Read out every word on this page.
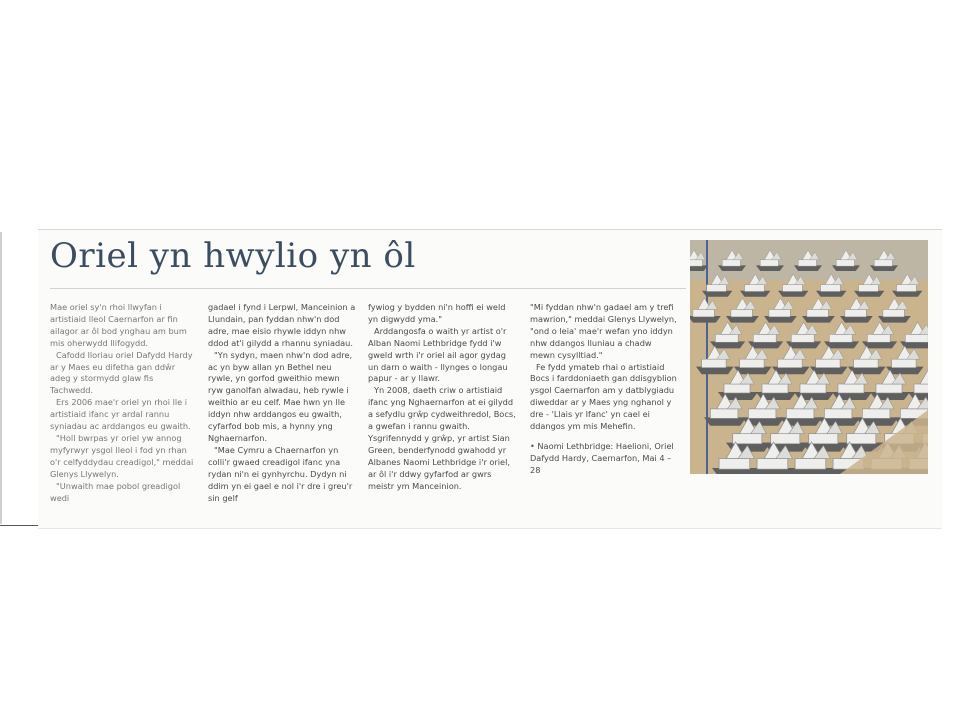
Oriel yn hwylio yn ôl

Mae oriel sy'n rhoi llwyfan i artistiaid lleol Caernarfon ar fin ailagor ar ôl bod ynghau am bum mis oherwydd llifogydd.

Cafodd lloriau oriel Dafydd Hardy ar y Maes eu difetha gan ddŵr adeg y stormydd glaw fis Tachwedd.

Ers 2006 mae'r oriel yn rhoi lle i artistiaid ifanc yr ardal rannu syniadau ac arddangos eu gwaith.

"Holl bwrpas yr oriel yw annog myfyrwyr ysgol lleol i fod yn rhan o'r celfyddydau creadigol," meddai Glenys Llywelyn.

"Unwaith mae pobol greadigol wedi

gadael i fynd i Lerpwl, Manceinion a Llundain, pan fyddan nhw'n dod adre, mae eisio rhywle iddyn nhw ddod at'i gilydd a rhannu syniadau.

"Yn sydyn, maen nhw'n dod adre, ac yn byw allan yn Bethel neu rywle, yn gorfod gweithio mewn ryw ganolfan alwadau, heb rywle i weithio ar eu celf. Mae hwn yn lle iddyn nhw arddangos eu gwaith, cyfarfod bob mis, a hynny yng Nghaernarfon.

"Mae Cymru a Chaernarfon yn colli'r gwaed creadigol ifanc yna rydan ni'n ei gynhyrchu. Dydyn ni ddim yn ei gael e nol i'r dre i greu'r sin gelf

fywiog y bydden ni'n hoffi ei weld yn digwydd yma."

Arddangosfa o waith yr artist o'r Alban Naomi Lethbridge fydd i'w gweld wrth i'r oriel ail agor gydag un darn o waith - llynges o longau papur - ar y llawr.

Yn 2008, daeth criw o artistiaid ifanc yng Nghaernarfon at ei gilydd a sefydlu grŵp cydweithredol, Bocs, a gwefan i rannu gwaith. Ysgrifennydd y grŵp, yr artist Sian Green, benderfynodd gwahodd yr Albanes Naomi Lethbridge i'r oriel, ar ôl i'r ddwy gyfarfod ar gwrs meistr ym Manceinion.

"Mi fyddan nhw'n gadael am y trefi mawrion," meddai Glenys Llywelyn, "ond o leia' mae'r wefan yno iddyn nhw ddangos lluniau a chadw mewn cysylltiad."

Fe fydd ymateb rhai o artistiaid Bocs i farddoniaeth gan ddisgyblion ysgol Caernarfon am y datblygiadu diweddar ar y Maes yng nghanol y dre - 'Llais yr Ifanc' yn cael ei ddangos ym mis Mehefin.

• Naomi Lethbridge: Haelioni, Oriel Dafydd Hardy, Caernarfon, Mai 4 – 28
